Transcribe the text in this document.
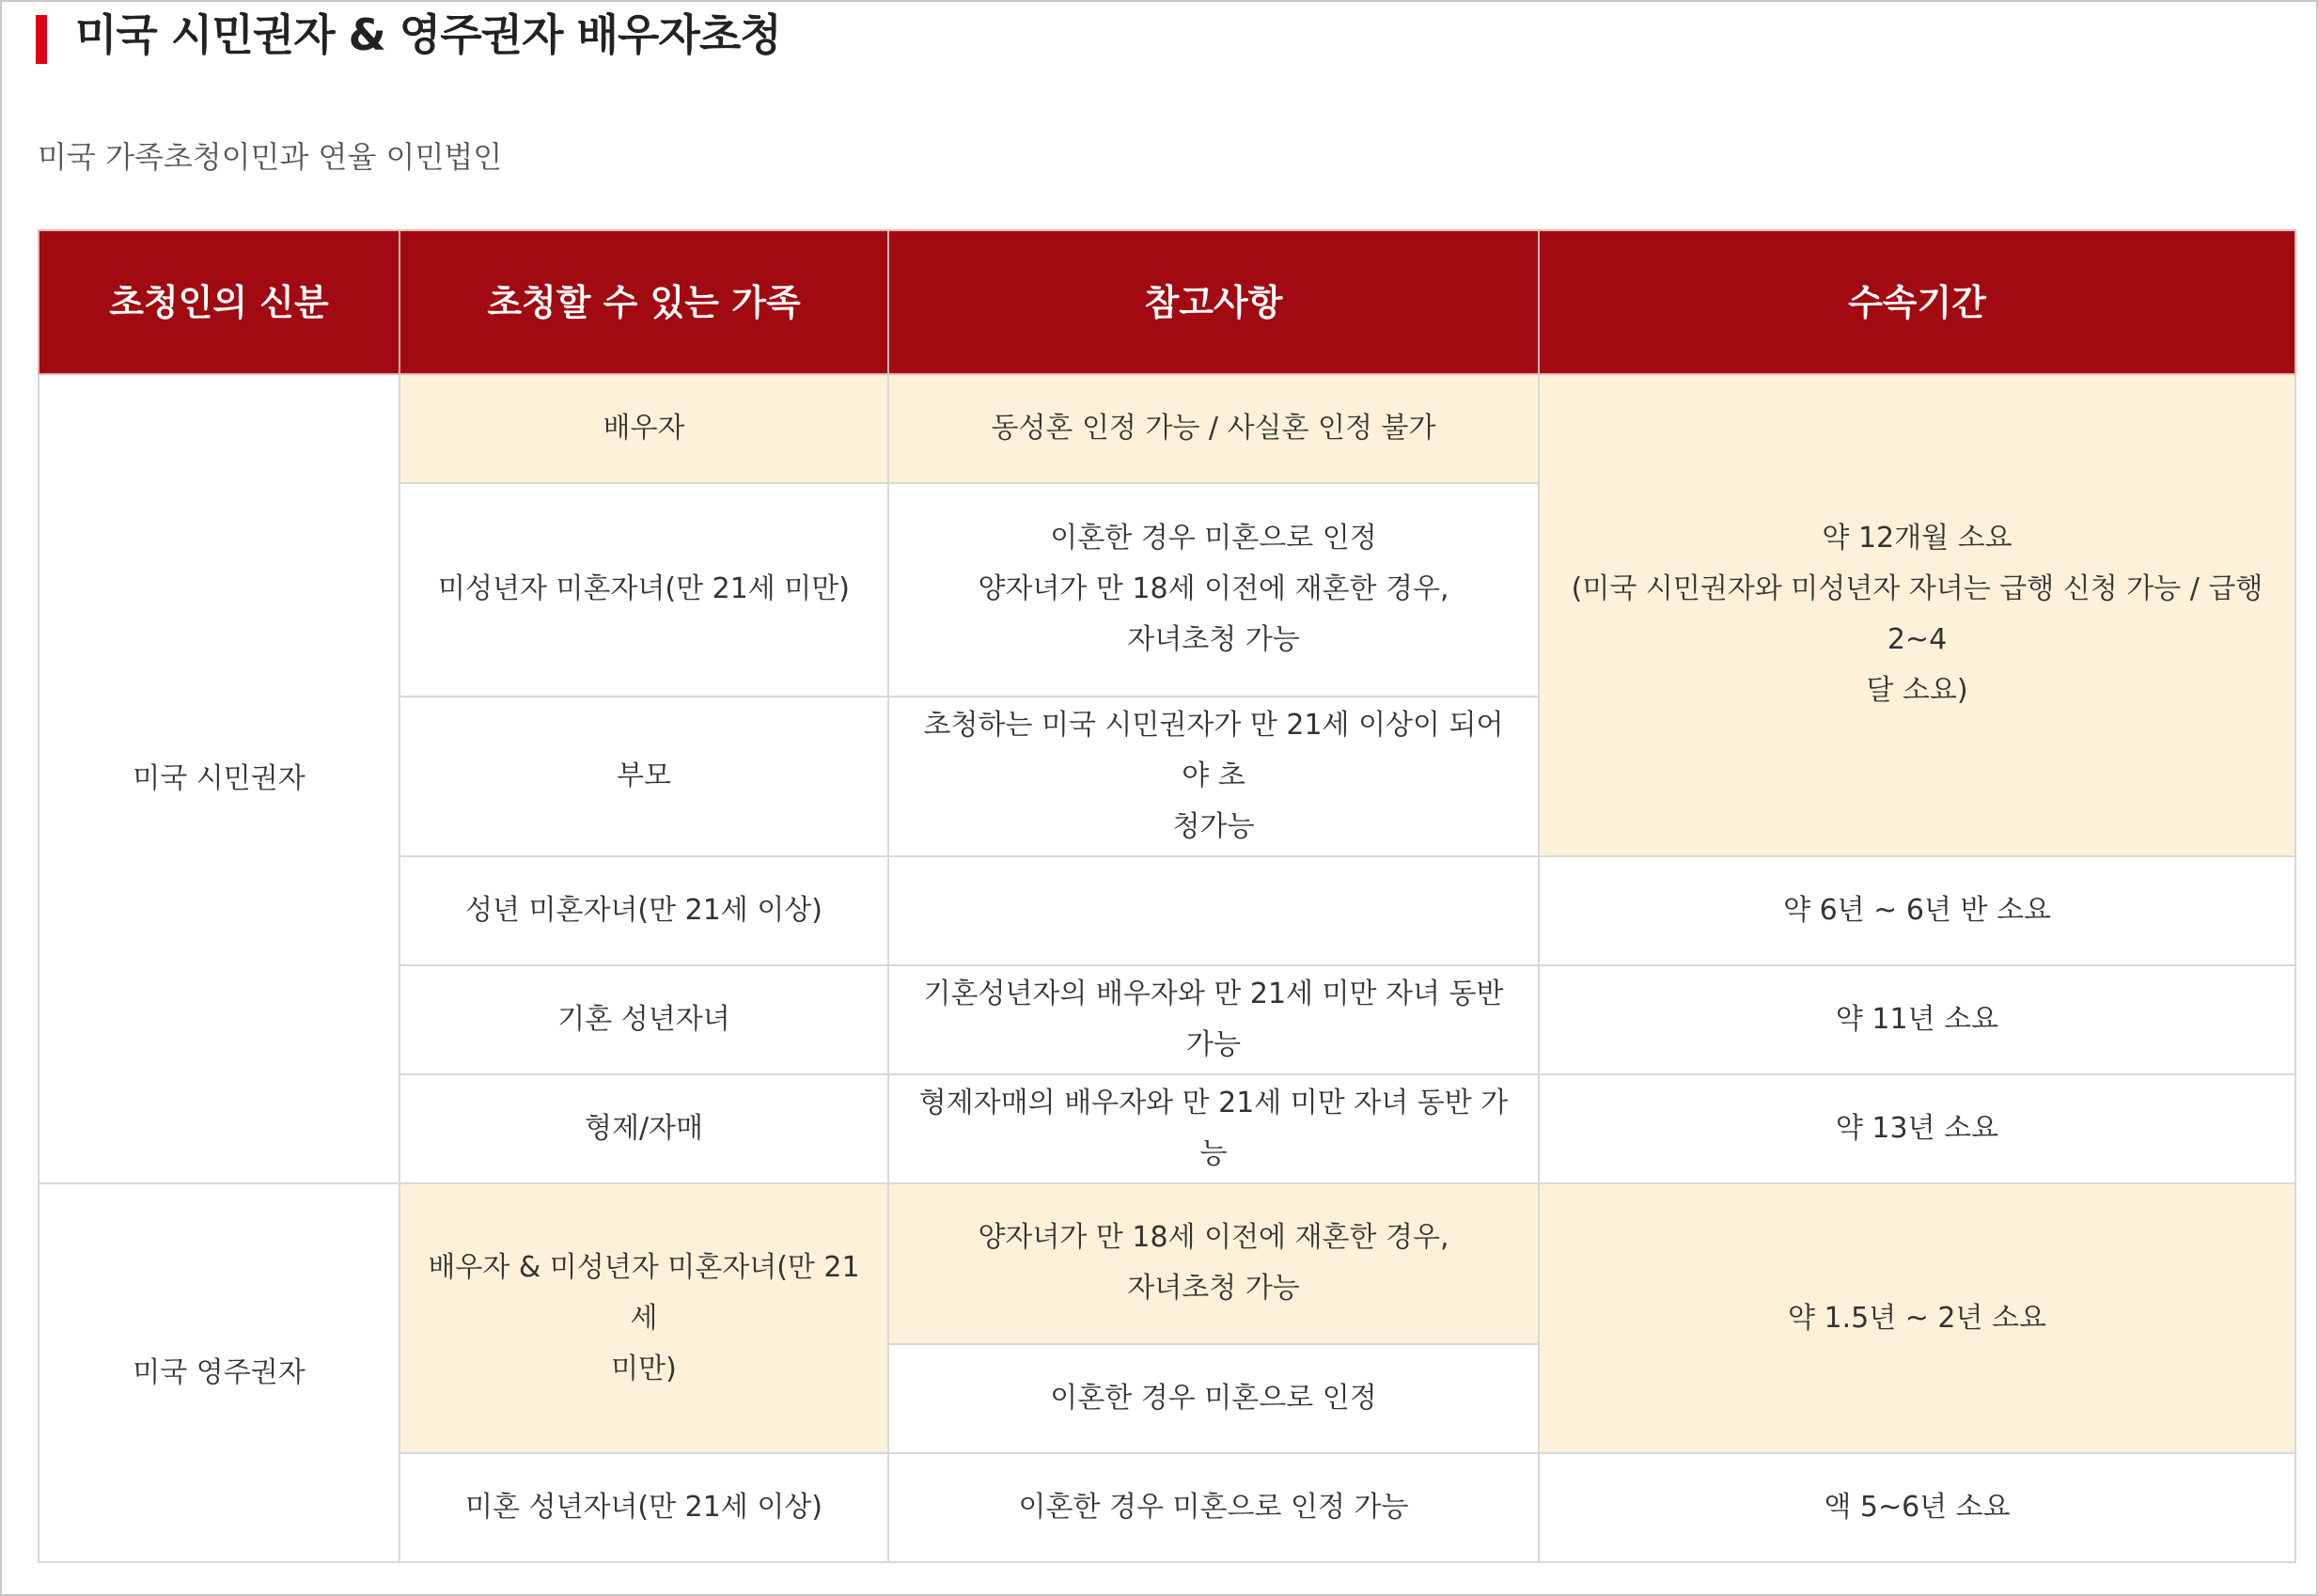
미국 시민권자 & 영주권자 배우자초청

미국 가족초청이민과 연율 이민법인

초청인의 신분	초청할 수 있는 가족	참고사항	수속기간
미국 시민권자	배우자	동성혼 인정 가능 / 사실혼 인정 불가	약 12개월 소요
(미국 시민권자와 미성년자 자녀는 급행 신청 가능 / 급행 2~4
달 소요)
	미성년자 미혼자녀(만 21세 미만)	이혼한 경우 미혼으로 인정
양자녀가 만 18세 이전에 재혼한 경우,
자녀초청 가능	
	부모	초청하는 미국 시민권자가 만 21세 이상이 되어야 초
청가능	
	성년 미혼자녀(만 21세 이상)		약 6년 ~ 6년 반 소요
	기혼 성년자녀	기혼성년자의 배우자와 만 21세 미만 자녀 동반 가능	약 11년 소요
	형제/자매	형제자매의 배우자와 만 21세 미만 자녀 동반 가능	약 13년 소요
미국 영주권자	배우자 & 미성년자 미혼자녀(만 21세
미만)	양자녀가 만 18세 이전에 재혼한 경우,
자녀초청 가능	약 1.5년 ~ 2년 소요
		이혼한 경우 미혼으로 인정	
	미혼 성년자녀(만 21세 이상)	이혼한 경우 미혼으로 인정 가능	액 5~6년 소요
